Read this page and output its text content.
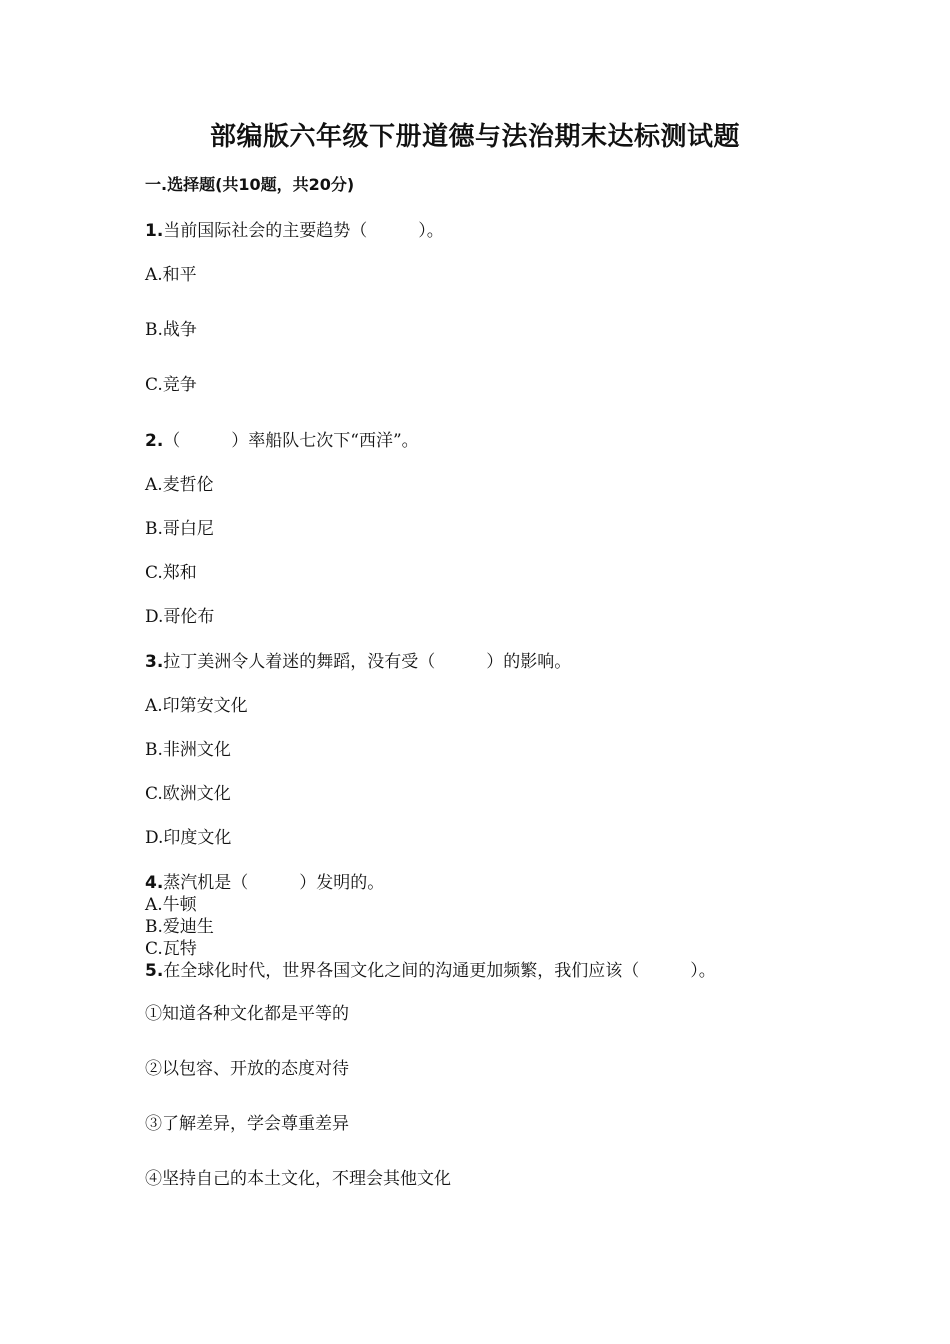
部编版六年级下册道德与法治期末达标测试题
一.选择题(共10题，共20分)
1.当前国际社会的主要趋势（　　　）。
A.和平
B.战争
C.竞争
2.（　　　）率船队七次下“西洋”。
A.麦哲伦
B.哥白尼
C.郑和
D.哥伦布
3.拉丁美洲令人着迷的舞蹈，没有受（　　　）的影响。
A.印第安文化
B.非洲文化
C.欧洲文化
D.印度文化
4.蒸汽机是（　　　）发明的。
A.牛顿
B.爱迪生
C.瓦特
5.在全球化时代，世界各国文化之间的沟通更加频繁，我们应该（　　　）。
①知道各种文化都是平等的
②以包容、开放的态度对待
③了解差异，学会尊重差异
④坚持自己的本土文化，不理会其他文化
